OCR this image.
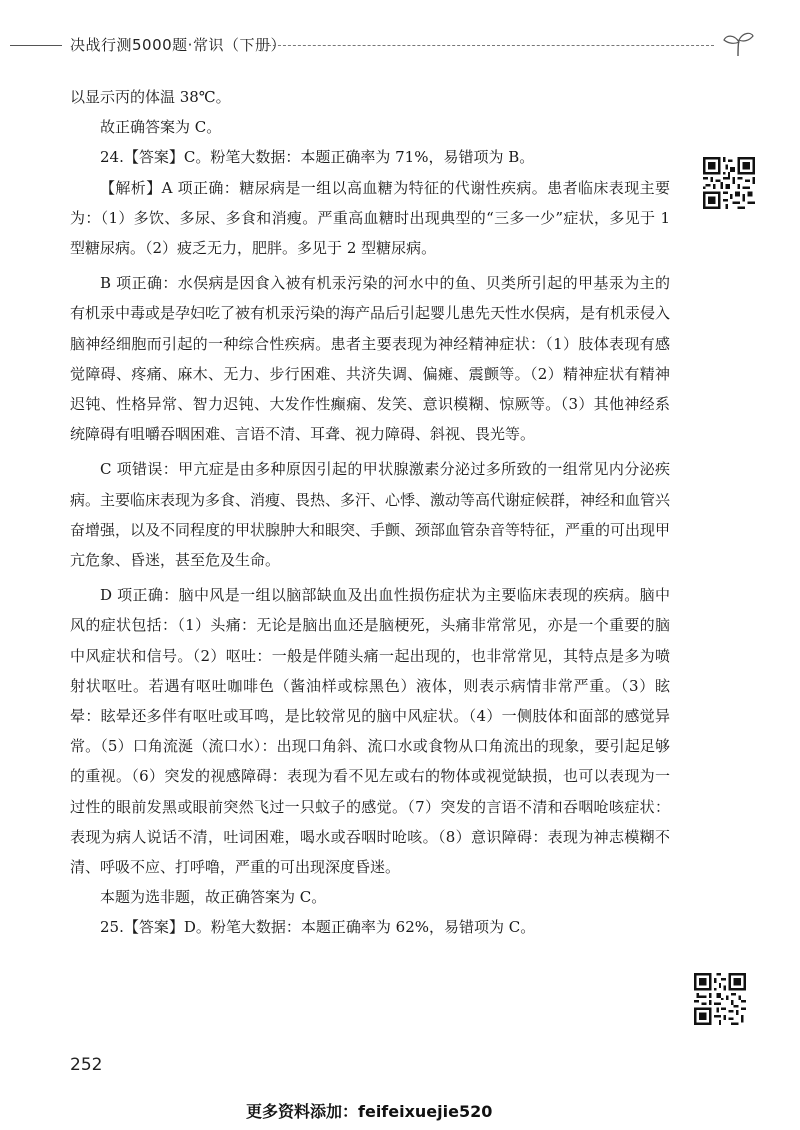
决战行测5000题·常识（下册）

以显示丙的体温 38℃。

故正确答案为 C。

24.【答案】C。粉笔大数据：本题正确率为 71%，易错项为 B。

【解析】A 项正确：糖尿病是一组以高血糖为特征的代谢性疾病。患者临床表现主要为：（1）多饮、多尿、多食和消瘦。严重高血糖时出现典型的“三多一少”症状，多见于 1 型糖尿病。（2）疲乏无力，肥胖。多见于 2 型糖尿病。

B 项正确：水俣病是因食入被有机汞污染的河水中的鱼、贝类所引起的甲基汞为主的有机汞中毒或是孕妇吃了被有机汞污染的海产品后引起婴儿患先天性水俣病，是有机汞侵入脑神经细胞而引起的一种综合性疾病。患者主要表现为神经精神症状：（1）肢体表现有感觉障碍、疼痛、麻木、无力、步行困难、共济失调、偏瘫、震颤等。（2）精神症状有精神迟钝、性格异常、智力迟钝、大发作性癫痫、发笑、意识模糊、惊厥等。（3）其他神经系统障碍有咀嚼吞咽困难、言语不清、耳聋、视力障碍、斜视、畏光等。

C 项错误：甲亢症是由多种原因引起的甲状腺激素分泌过多所致的一组常见内分泌疾病。主要临床表现为多食、消瘦、畏热、多汗、心悸、激动等高代谢症候群，神经和血管兴奋增强，以及不同程度的甲状腺肿大和眼突、手颤、颈部血管杂音等特征，严重的可出现甲亢危象、昏迷，甚至危及生命。

D 项正确：脑中风是一组以脑部缺血及出血性损伤症状为主要临床表现的疾病。脑中风的症状包括：（1）头痛：无论是脑出血还是脑梗死，头痛非常常见，亦是一个重要的脑中风症状和信号。（2）呕吐：一般是伴随头痛一起出现的，也非常常见，其特点是多为喷射状呕吐。若遇有呕吐咖啡色（酱油样或棕黑色）液体，则表示病情非常严重。（3）眩晕：眩晕还多伴有呕吐或耳鸣，是比较常见的脑中风症状。（4）一侧肢体和面部的感觉异常。（5）口角流涎（流口水）：出现口角斜、流口水或食物从口角流出的现象，要引起足够的重视。（6）突发的视感障碍：表现为看不见左或右的物体或视觉缺损，也可以表现为一过性的眼前发黑或眼前突然飞过一只蚊子的感觉。（7）突发的言语不清和吞咽呛咳症状：表现为病人说话不清，吐词困难，喝水或吞咽时呛咳。（8）意识障碍：表现为神志模糊不清、呼吸不应、打呼噜，严重的可出现深度昏迷。

本题为选非题，故正确答案为 C。

25.【答案】D。粉笔大数据：本题正确率为 62%，易错项为 C。

252
更多资料添加：feifeixuejie520
